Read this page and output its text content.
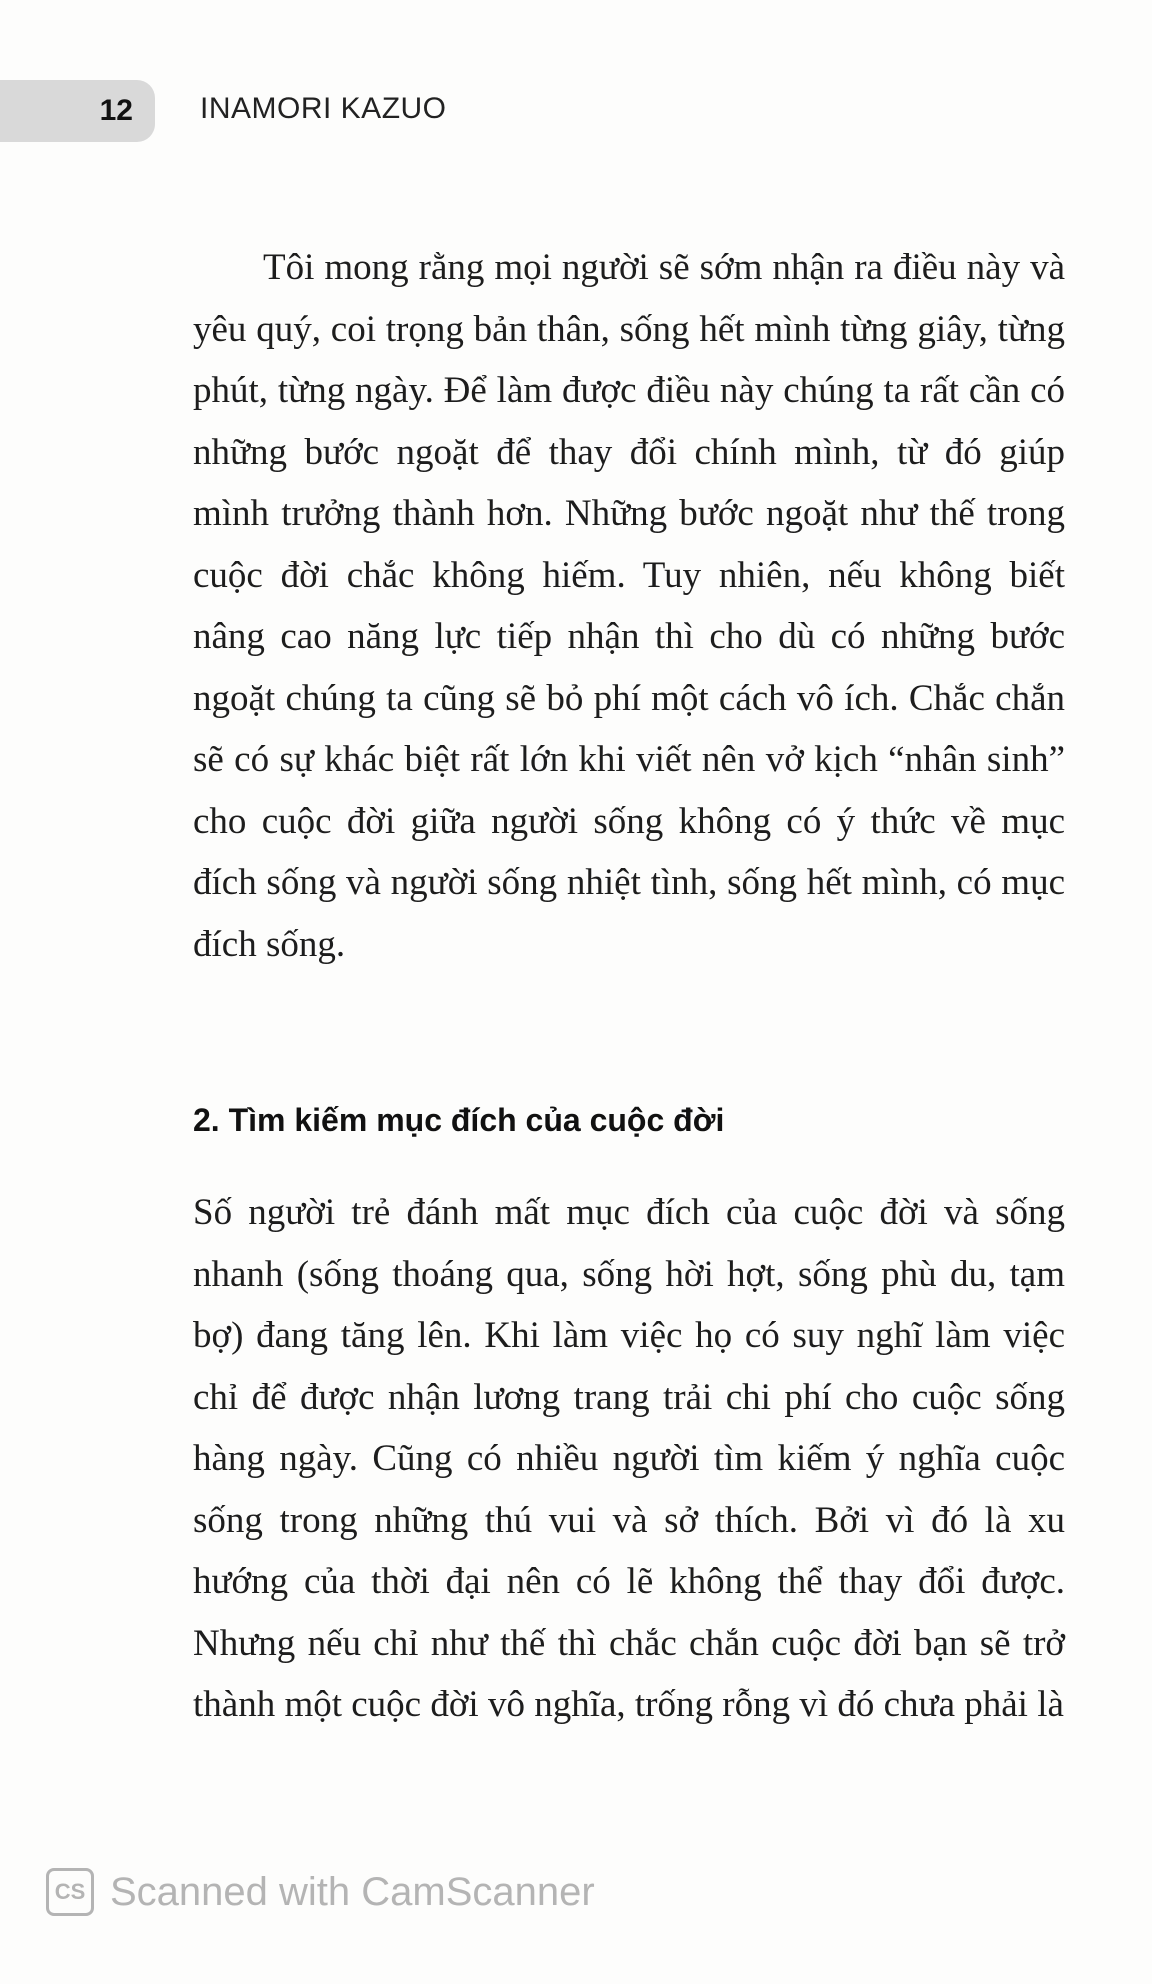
12 INAMORI KAZUO

Tôi mong rằng mọi người sẽ sớm nhận ra điều này và yêu quý, coi trọng bản thân, sống hết mình từng giây, từng phút, từng ngày. Để làm được điều này chúng ta rất cần có những bước ngoặt để thay đổi chính mình, từ đó giúp mình trưởng thành hơn. Những bước ngoặt như thế trong cuộc đời chắc không hiếm. Tuy nhiên, nếu không biết nâng cao năng lực tiếp nhận thì cho dù có những bước ngoặt chúng ta cũng sẽ bỏ phí một cách vô ích. Chắc chắn sẽ có sự khác biệt rất lớn khi viết nên vở kịch “nhân sinh” cho cuộc đời giữa người sống không có ý thức về mục đích sống và người sống nhiệt tình, sống hết mình, có mục đích sống.

2. Tìm kiếm mục đích của cuộc đời

Số người trẻ đánh mất mục đích của cuộc đời và sống nhanh (sống thoáng qua, sống hời hợt, sống phù du, tạm bợ) đang tăng lên. Khi làm việc họ có suy nghĩ làm việc chỉ để được nhận lương trang trải chi phí cho cuộc sống hàng ngày. Cũng có nhiều người tìm kiếm ý nghĩa cuộc sống trong những thú vui và sở thích. Bởi vì đó là xu hướng của thời đại nên có lẽ không thể thay đổi được. Nhưng nếu chỉ như thế thì chắc chắn cuộc đời bạn sẽ trở thành một cuộc đời vô nghĩa, trống rỗng vì đó chưa phải là

CS Scanned with CamScanner
